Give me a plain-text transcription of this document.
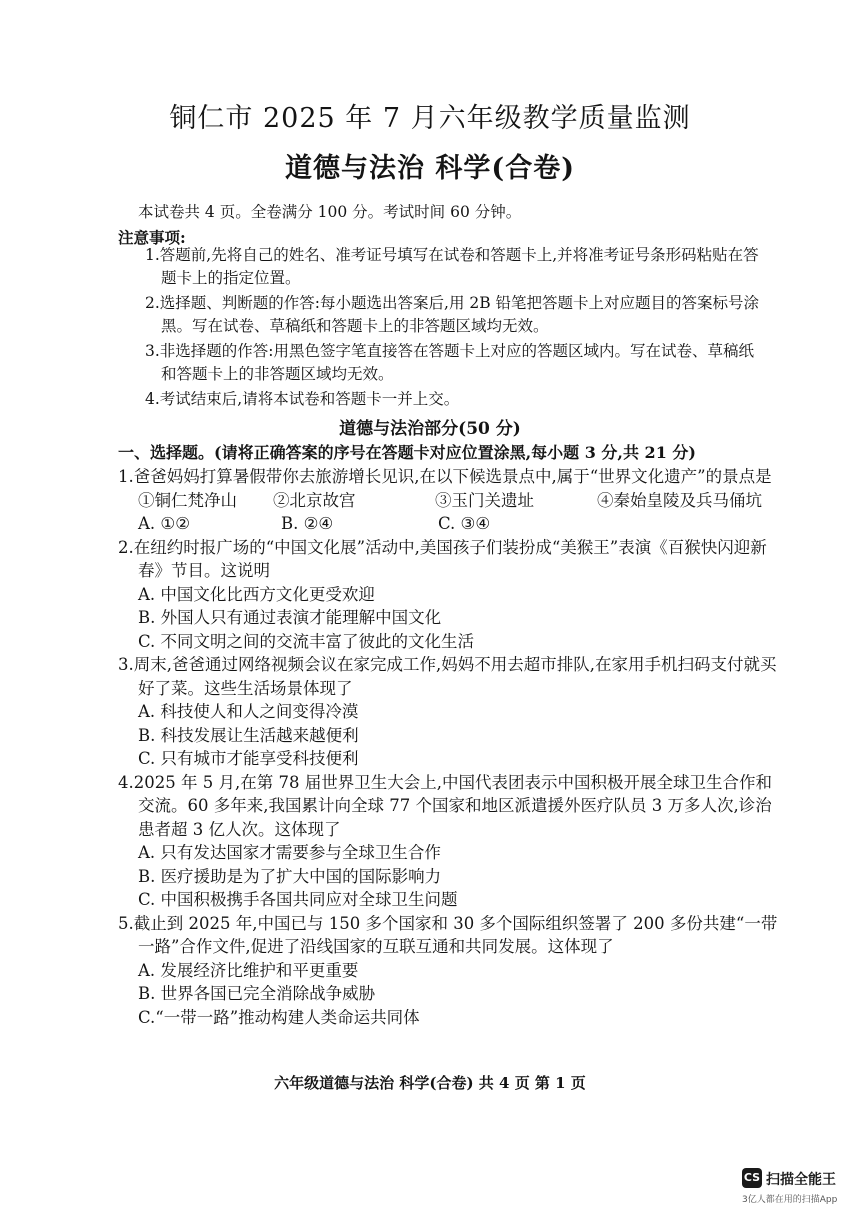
铜仁市 2025 年 7 月六年级教学质量监测
道德与法治 科学(合卷)
本试卷共 4 页。全卷满分 100 分。考试时间 60 分钟。
注意事项:
1.答题前,先将自己的姓名、准考证号填写在试卷和答题卡上,并将准考证号条形码粘贴在答题卡上的指定位置。
2.选择题、判断题的作答:每小题选出答案后,用 2B 铅笔把答题卡上对应题目的答案标号涂黑。写在试卷、草稿纸和答题卡上的非答题区域均无效。
3.非选择题的作答:用黑色签字笔直接答在答题卡上对应的答题区域内。写在试卷、草稿纸和答题卡上的非答题区域均无效。
4.考试结束后,请将本试卷和答题卡一并上交。
道德与法治部分(50 分)
一、选择题。(请将正确答案的序号在答题卡对应位置涂黑,每小题 3 分,共 21 分)
1.爸爸妈妈打算暑假带你去旅游增长见识,在以下候选景点中,属于“世界文化遗产”的景点是
①铜仁梵净山	②北京故宫	③玉门关遗址	④秦始皇陵及兵马俑坑
A. ①②	B. ②④	C. ③④
2.在纽约时报广场的“中国文化展”活动中,美国孩子们装扮成“美猴王”表演《百猴快闪迎新春》节目。这说明
A. 中国文化比西方文化更受欢迎
B. 外国人只有通过表演才能理解中国文化
C. 不同文明之间的交流丰富了彼此的文化生活
3.周末,爸爸通过网络视频会议在家完成工作,妈妈不用去超市排队,在家用手机扫码支付就买好了菜。这些生活场景体现了
A. 科技使人和人之间变得冷漠
B. 科技发展让生活越来越便利
C. 只有城市才能享受科技便利
4.2025 年 5 月,在第 78 届世界卫生大会上,中国代表团表示中国积极开展全球卫生合作和交流。60 多年来,我国累计向全球 77 个国家和地区派遣援外医疗队员 3 万多人次,诊治患者超 3 亿人次。这体现了
A. 只有发达国家才需要参与全球卫生合作
B. 医疗援助是为了扩大中国的国际影响力
C. 中国积极携手各国共同应对全球卫生问题
5.截止到 2025 年,中国已与 150 多个国家和 30 多个国际组织签署了 200 多份共建“一带一路”合作文件,促进了沿线国家的互联互通和共同发展。这体现了
A. 发展经济比维护和平更重要
B. 世界各国已完全消除战争威胁
C.“一带一路”推动构建人类命运共同体
六年级道德与法治 科学(合卷) 共 4 页 第 1 页
CS 扫描全能王
3亿人都在用的扫描App
